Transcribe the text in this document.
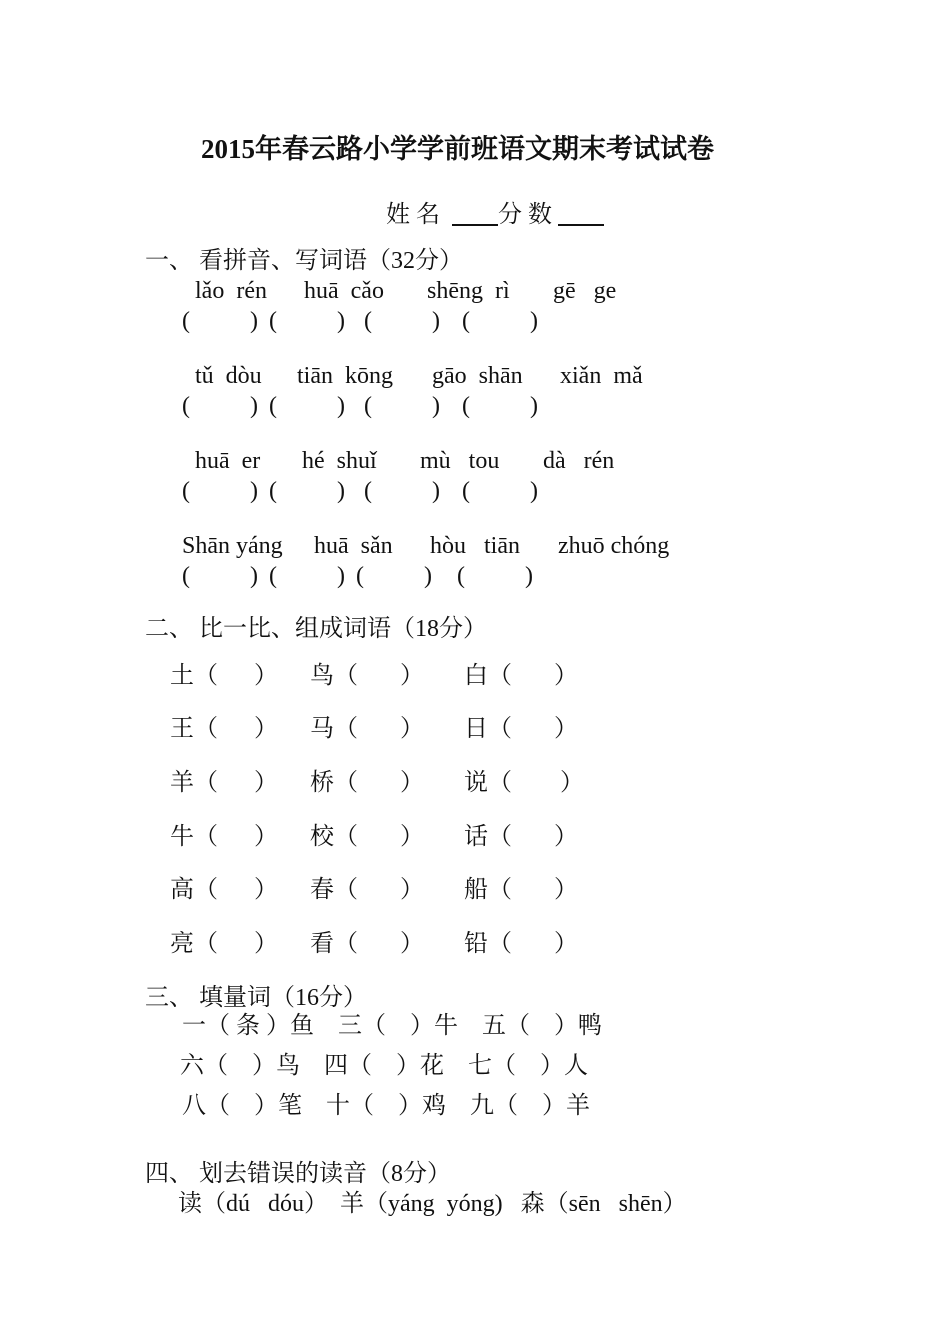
2015年春云路小学学前班语文期末考试试卷
姓 名 分 数
一、 看拼音、写词语（32分）
lǎo  rén huā  cǎo shēng  rì gē   ge
(          ) (          ) (          ) (          )
tǔ  dòu tiān  kōng gāo  shān xiǎn  mǎ
(          ) (          ) (          ) (          )
huā  er hé  shuǐ mù   tou dà   rén
(          ) (          ) (          ) (          )
Shān yáng huā  sǎn hòu   tiān zhuō chóng
(          ) (          ) (          ) (          )
二、 比一比、组成词语（18分）
土（      ） 鸟（       ） 白（       ）
王（      ） 马（       ） 日（       ）
羊（      ） 桥（       ） 说（        ）
牛（      ） 校（       ） 话（       ）
高（      ） 春（       ） 船（       ）
亮（      ） 看（       ） 铅（       ）
三、 填量词（16分）
一（ 条 ）鱼    三（    ）牛    五（    ）鸭
六（    ）鸟    四（    ）花    七（    ）人
八（    ）笔    十（    ）鸡    九（    ）羊
四、 划去错误的读音（8分）
读（dú   dóu）  羊（yáng  yóng)   森（sēn   shēn）
